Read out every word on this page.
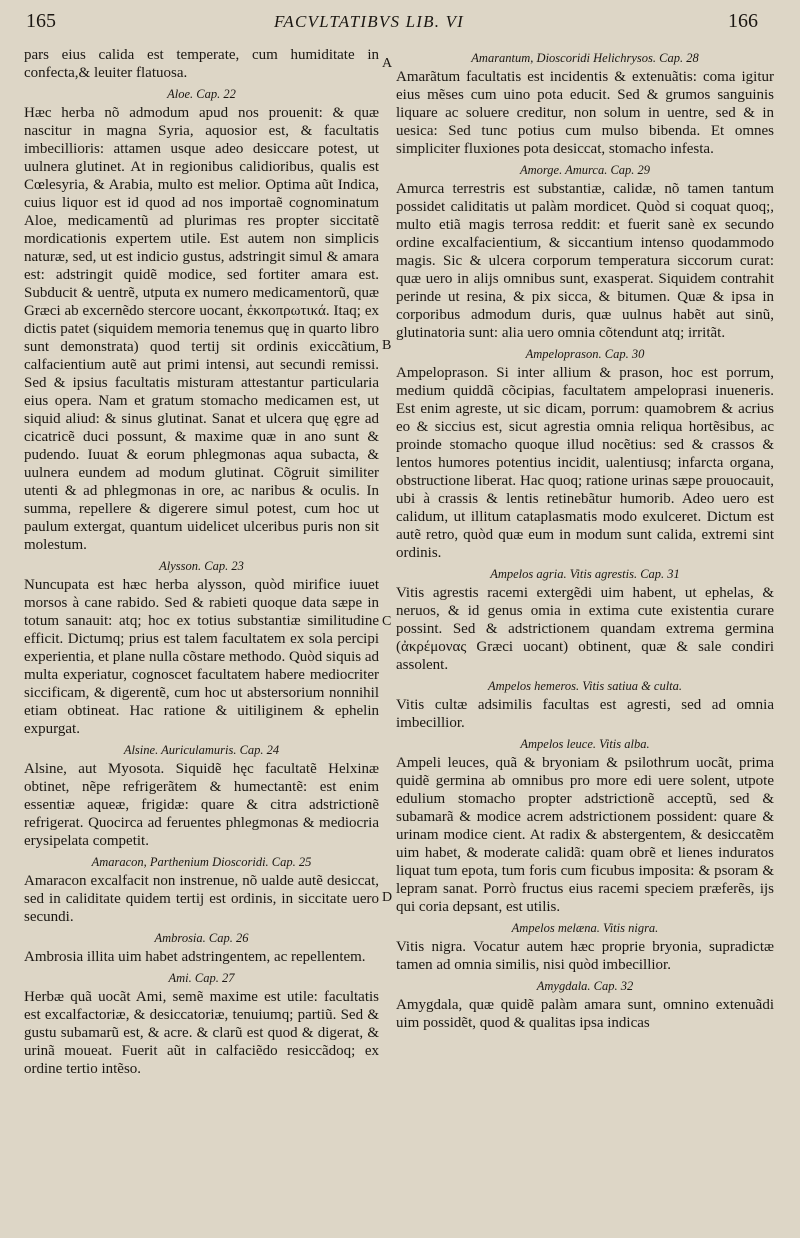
165	FACVLTATIBVS LIB. VI	166

pars eius calida est temperate, cum humiditate in confecta,& leuiter flatuosa.

Aloe. Cap. 22

Hæc herba nõ admodum apud nos prouenit: & quæ nascitur in magna Syria, aquosior est, & facultatis imbecillioris: attamen usque adeo desiccare potest, ut uulnera glutinet. At in regionibus calidioribus, qualis est Cœlesyria, & Arabia, multo est melior. Optima aũt Indica, cuius liquor est id quod ad nos importaẽ cognominatum Aloe, medicamentũ ad plurimas res propter siccitatẽ mordicationis expertem utile. Est autem non simplicis naturæ, sed, ut est indicio gustus, adstringit simul & amara est: adstringit quidẽ modice, sed fortiter amara est. Subducit & uentrẽ, utputa ex numero medicamentorũ, quæ Græci ab excernẽdo stercore uocant, ἐκκοπρωτικά. Itaq; ex dictis patet (siquidem memoria tenemus quę in quarto libro sunt demonstrata) quod tertij sit ordinis exiccãtium, calfacientium autẽ aut primi intensi, aut secundi remissi. Sed & ipsius facultatis misturam attestantur particularia eius opera. Nam et gratum stomacho medicamen est, ut siquid aliud: & sinus glutinat. Sanat et ulcera quę ęgre ad cicatricẽ duci possunt, & maxime quæ in ano sunt & pudendo. Iuuat & eorum phlegmonas aqua subacta, & uulnera eundem ad modum glutinat. Cõgruit similiter utenti & ad phlegmonas in ore, ac naribus & oculis. In summa, repellere & digerere simul potest, cum hoc ut paulum extergat, quantum uidelicet ulceribus puris non sit molestum.

Alysson. Cap. 23

Nuncupata est hæc herba alysson, quòd mirifice iuuet morsos à cane rabido. Sed & rabieti quoque data sæpe in totum sanauit: atq; hoc ex totius substantiæ similitudine efficit. Dictumq; prius est talem facultatem ex sola percipi experientia, et plane nulla cõstare methodo. Quòd siquis ad multa experiatur, cognoscet facultatem habere mediocriter siccificam, & digerentẽ, cum hoc ut abstersorium nonnihil etiam obtineat. Hac ratione & uitiliginem & ephelin expurgat.

Alsine. Auriculamuris. Cap. 24

Alsine, aut Myosota. Siquidẽ hęc facultatẽ Helxinæ obtinet, nẽpe refrigerãtem & humectantẽ: est enim essentiæ aqueæ, frigidæ: quare & citra adstrictionẽ refrigerat. Quocirca ad feruentes phlegmonas & mediocria erysipelata competit.

Amaracon, Parthenium Dioscoridi. Cap. 25

Amaracon excalfacit non instrenue, nõ ualde autẽ desiccat, sed in caliditate quidem tertij est ordinis, in siccitate uero secundi.

Ambrosia. Cap. 26

Ambrosia illita uim habet adstringentem, ac repellentem.

Ami. Cap. 27

Herbæ quã uocãt Ami, semẽ maxime est utile: facultatis est excalfactoriæ, & desiccatoriæ, tenuiumq; partiũ. Sed & gustu subamarũ est, & acre. & clarũ est quod & digerat, & urinã moueat. Fuerit aũt in calfaciẽdo resiccãdoq; ex ordine tertio intẽso.

A
B
C
D
Amarantum, Dioscoridi Helichrysos. Cap. 28

Amarãtum facultatis est incidentis & extenuãtis: coma igitur eius mẽses cum uino pota educit. Sed & grumos sanguinis liquare ac soluere creditur, non solum in uentre, sed & in uesica: Sed tunc potius cum mulso bibenda. Et omnes simpliciter fluxiones pota desiccat, stomacho infesta.

Amorge. Amurca. Cap. 29

Amurca terrestris est substantiæ, calidæ, nõ tamen tantum possidet caliditatis ut palàm mordicet. Quòd si coquat quoq;, multo etiã magis terrosa reddit: et fuerit sanè ex secundo ordine excalfacientium, & siccantium intenso quodammodo magis. Sic & ulcera corporum temperatura siccorum curat: quæ uero in alijs omnibus sunt, exasperat. Siquidem contrahit perinde ut resina, & pix sicca, & bitumen. Quæ & ipsa in corporibus admodum duris, quæ uulnus habẽt aut sinũ, glutinatoria sunt: alia uero omnia cõtendunt atq; irritãt.

Ampeloprason. Cap. 30

Ampeloprason. Si inter allium & prason, hoc est porrum, medium quiddã cõcipias, facultatem ampeloprasi inueneris. Est enim agreste, ut sic dicam, porrum: quamobrem & acrius eo & siccius est, sicut agrestia omnia reliqua hortẽsibus, ac proinde stomacho quoque illud nocẽtius: sed & crassos & lentos humores potentius incidit, ualentiusq; infarcta organa, obstructione liberat. Hac quoq; ratione urinas sæpe prouocauit, ubi à crassis & lentis retinebãtur humorib. Adeo uero est calidum, ut illitum cataplasmatis modo exulceret. Dictum est autẽ retro, quòd quæ eum in modum sunt calida, extremi sint ordinis.

Ampelos agria. Vitis agrestis. Cap. 31

Vitis agrestis racemi extergẽdi uim habent, ut ephelas, & neruos, & id genus omia in extima cute existentia curare possint. Sed & adstrictionem quandam extrema germina (ἀκρέμονας Græci uocant) obtinent, quæ & sale condiri assolent.

Ampelos hemeros. Vitis satiua & culta.

Vitis cultæ adsimilis facultas est agresti, sed ad omnia imbecillior.

Ampelos leuce. Vitis alba.

Ampeli leuces, quã & bryoniam & psilothrum uocãt, prima quidẽ germina ab omnibus pro more edi uere solent, utpote edulium stomacho propter adstrictionẽ acceptũ, sed & subamarã & modice acrem adstrictionem possident: quare & urinam modice cient. At radix & abstergentem, & desiccatẽm uim habet, & moderate calidã: quam obrẽ et lienes induratos liquat tum epota, tum foris cum ficubus imposita: & psoram & lepram sanat. Porrò fructus eius racemi speciem præferẽs, ijs qui coria depsant, est utilis.

Ampelos melæna. Vitis nigra.

Vitis nigra. Vocatur autem hæc proprie bryonia, supradictæ tamen ad omnia similis, nisi quòd imbecillior.

Amygdala. Cap. 32

Amygdala, quæ quidẽ palàm amara sunt, omnino extenuãdi uim possidẽt, quod & qualitas ipsa indicas
